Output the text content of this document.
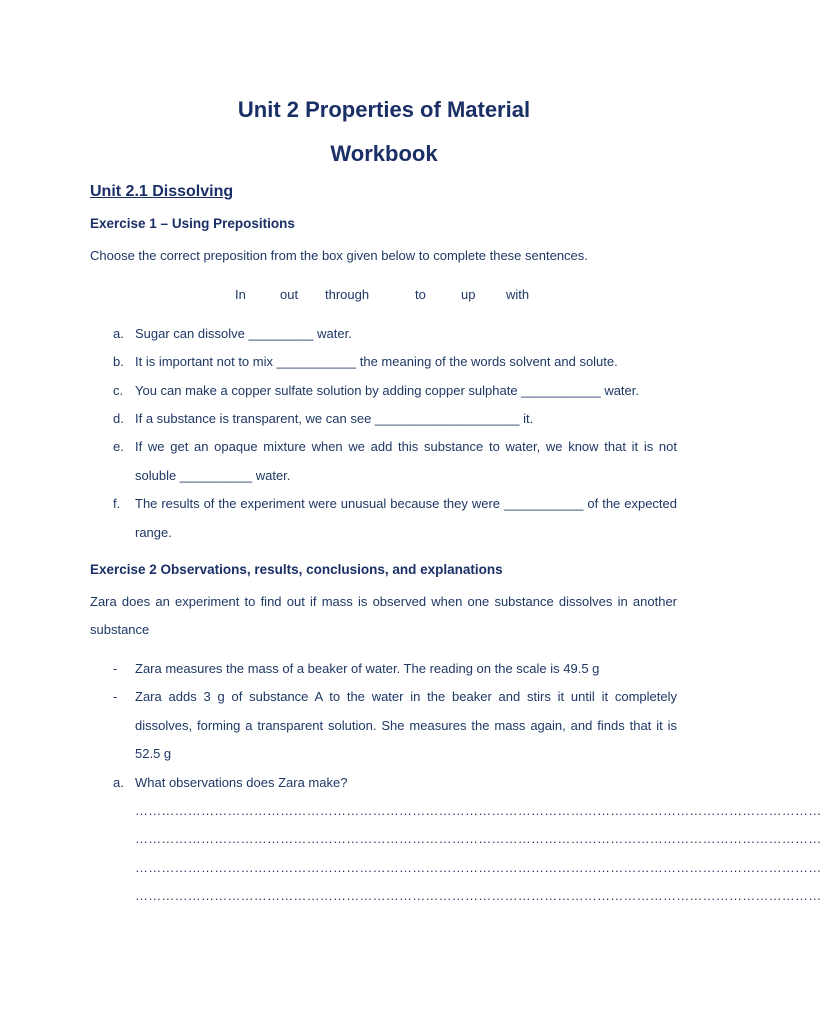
Unit 2 Properties of Material
Workbook
Unit 2.1 Dissolving
Exercise 1 – Using Prepositions

Choose the correct preposition from the box given below to complete these sentences.

In	out through	to	up with
a. Sugar can dissolve _________ water.
b. It is important not to mix ___________ the meaning of the words solvent and solute.
c. You can make a copper sulfate solution by adding copper sulphate ___________ water.
d. If a substance is transparent, we can see ____________________ it.
e. If we get an opaque mixture when we add this substance to water, we know that it is not soluble __________ water.
f. The results of the experiment were unusual because they were ___________ of the expected range.
Exercise 2 Observations, results, conclusions, and explanations

Zara does an experiment to find out if mass is observed when one substance dissolves in another substance

- Zara measures the mass of a beaker of water. The reading on the scale is 49.5 g
- Zara adds 3 g of substance A to the water in the beaker and stirs it until it completely dissolves, forming a transparent solution. She measures the mass again, and finds that it is 52.5 g
a. What observations does Zara make?
…………………………………………………………………………………………………………………………………………
…………………………………………………………………………………………………………………………………………
…………………………………………………………………………………………………………………………………………
…………………………………………………………………………………………………………………………………………
